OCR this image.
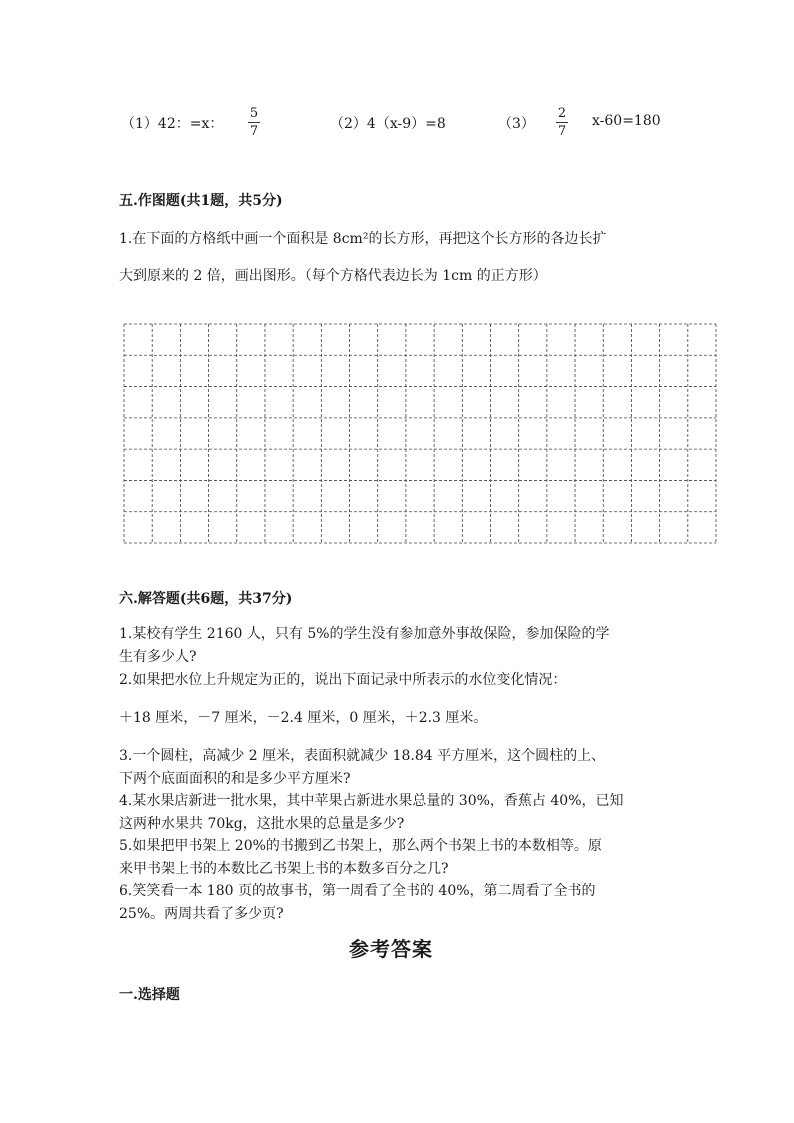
（1）42：=x：
5
7	（2）4（x-9）=8	（3）
2
7
x-60=180
五.作图题(共1题，共5分)
1.在下面的方格纸中画一个面积是 8cm²的长方形，再把这个长方形的各边长扩
大到原来的 2 倍，画出图形。（每个方格代表边长为 1cm 的正方形）
六.解答题(共6题，共37分)
1.某校有学生 2160 人，只有 5%的学生没有参加意外事故保险，参加保险的学
生有多少人?
2.如果把水位上升规定为正的，说出下面记录中所表示的水位变化情况：
＋18 厘米，－7 厘米，－2.4 厘米，0 厘米，＋2.3 厘米。
3.一个圆柱，高减少 2 厘米，表面积就减少 18.84 平方厘米，这个圆柱的上、
下两个底面面积的和是多少平方厘米?
4.某水果店新进一批水果，其中苹果占新进水果总量的 30%，香蕉占 40%，已知
这两种水果共 70kg，这批水果的总量是多少?
5.如果把甲书架上 20%的书搬到乙书架上，那么两个书架上书的本数相等。原
来甲书架上书的本数比乙书架上书的本数多百分之几?
6.笑笑看一本 180 页的故事书，第一周看了全书的 40%，第二周看了全书的
25%。两周共看了多少页?
参考答案
一.选择题
